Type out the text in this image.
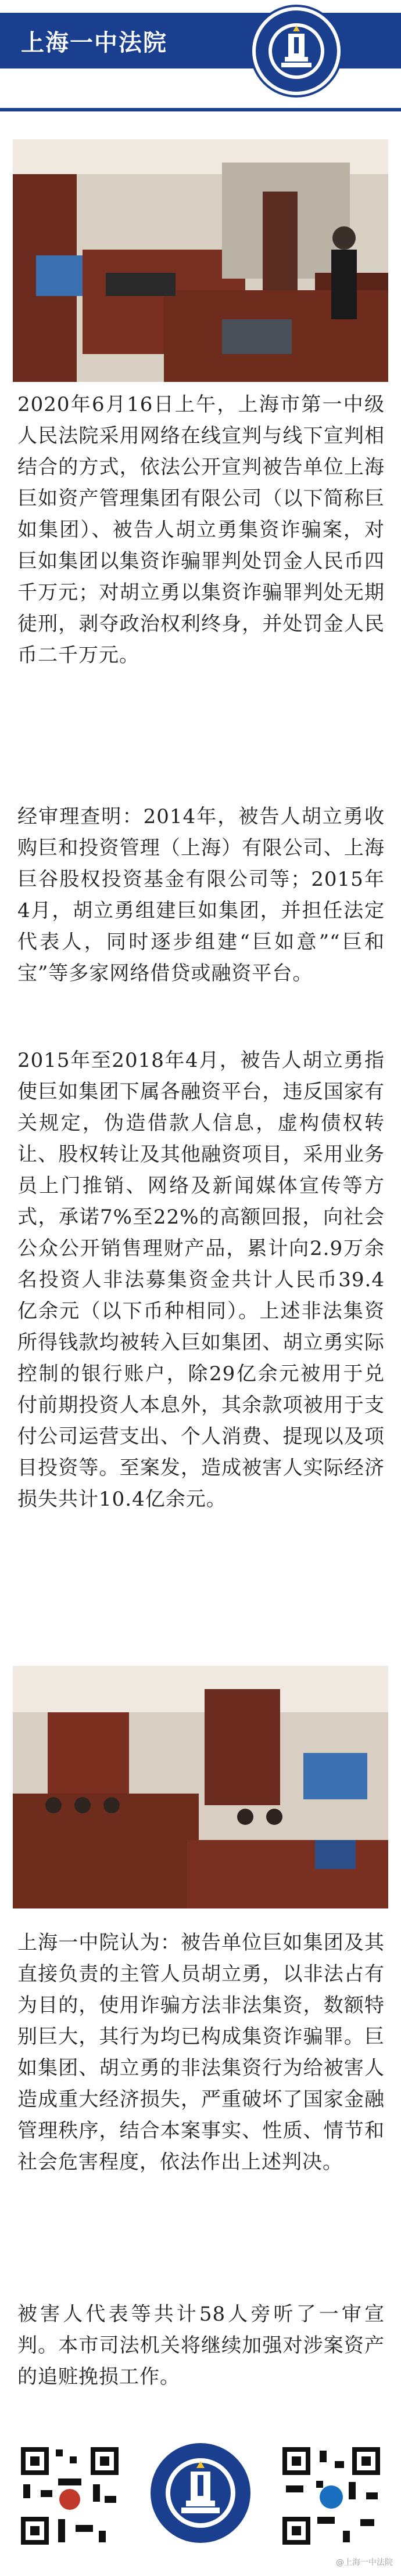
上海一中法院
2020年6月16日上午，上海市第一中级人民法院采用网络在线宣判与线下宣判相结合的方式，依法公开宣判被告单位上海巨如资产管理集团有限公司（以下简称巨如集团）、被告人胡立勇集资诈骗案，对巨如集团以集资诈骗罪判处罚金人民币四千万元；对胡立勇以集资诈骗罪判处无期徒刑，剥夺政治权利终身，并处罚金人民币二千万元。
经审理查明：2014年，被告人胡立勇收购巨和投资管理（上海）有限公司、上海巨谷股权投资基金有限公司等；2015年4月，胡立勇组建巨如集团，并担任法定代表人，同时逐步组建“巨如意”“巨和宝”等多家网络借贷或融资平台。
2015年至2018年4月，被告人胡立勇指使巨如集团下属各融资平台，违反国家有关规定，伪造借款人信息，虚构债权转让、股权转让及其他融资项目，采用业务员上门推销、网络及新闻媒体宣传等方式，承诺7%至22%的高额回报，向社会公众公开销售理财产品，累计向2.9万余名投资人非法募集资金共计人民币39.4亿余元（以下币种相同）。上述非法集资所得钱款均被转入巨如集团、胡立勇实际控制的银行账户，除29亿余元被用于兑付前期投资人本息外，其余款项被用于支付公司运营支出、个人消费、提现以及项目投资等。至案发，造成被害人实际经济损失共计10.4亿余元。
上海一中院认为：被告单位巨如集团及其直接负责的主管人员胡立勇，以非法占有为目的，使用诈骗方法非法集资，数额特别巨大，其行为均已构成集资诈骗罪。巨如集团、胡立勇的非法集资行为给被害人造成重大经济损失，严重破坏了国家金融管理秩序，结合本案事实、性质、情节和社会危害程度，依法作出上述判决。
被害人代表等共计58人旁听了一审宣判。本市司法机关将继续加强对涉案资产的追赃挽损工作。
@上海一中法院
